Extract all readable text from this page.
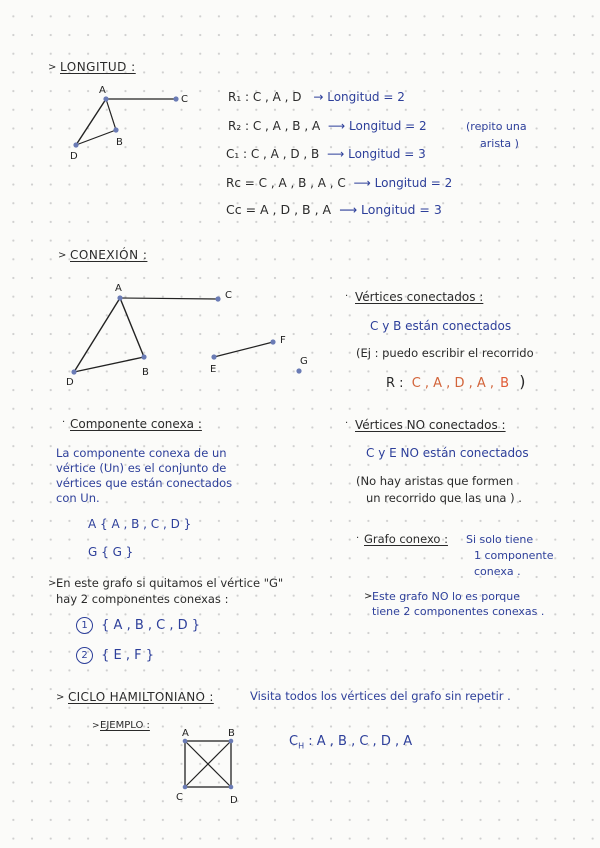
> LONGITUD :
A
C
B
D
R₁ : C , A , D → Longitud = 2
R₂ : C , A , B , A ⟶ Longitud = 2	(repito una
arista )
C₁ : C , A , D , B ⟶ Longitud = 3
Rc = C , A , B , A , C ⟶ Longitud = 2
Cc = A , D , B , A ⟶ Longitud = 3
> CONEXIÓN :
A
C
B
D
E
F
G
· Vértices conectados :
C y B están conectados
(Ej : puedo escribir el recorrido
R : C , A , D , A , B )
· Componente conexa :
La componente conexa de un
vértice (Un) es el conjunto de
vértices que están conectados
con Un.
A { A , B , C , D }
G { G }
· Vértices NO conectados :
C y E NO están conectados
(No hay aristas que formen
un recorrido que las una ) .
· Grafo conexo : Si solo tiene
1 componente
conexa .
> Este grafo NO lo es porque
tiene 2 componentes conexas .
> En este grafo si quitamos el vértice "G"
hay 2 componentes conexas :
1 { A , B , C , D }
2 { E , F }
> CICLO HAMILTONIANO :	Visita todos los vértices del grafo sin repetir .
> EJEMPLO :
A	B
C	D
$C_H$ : A , B , C , D , A
